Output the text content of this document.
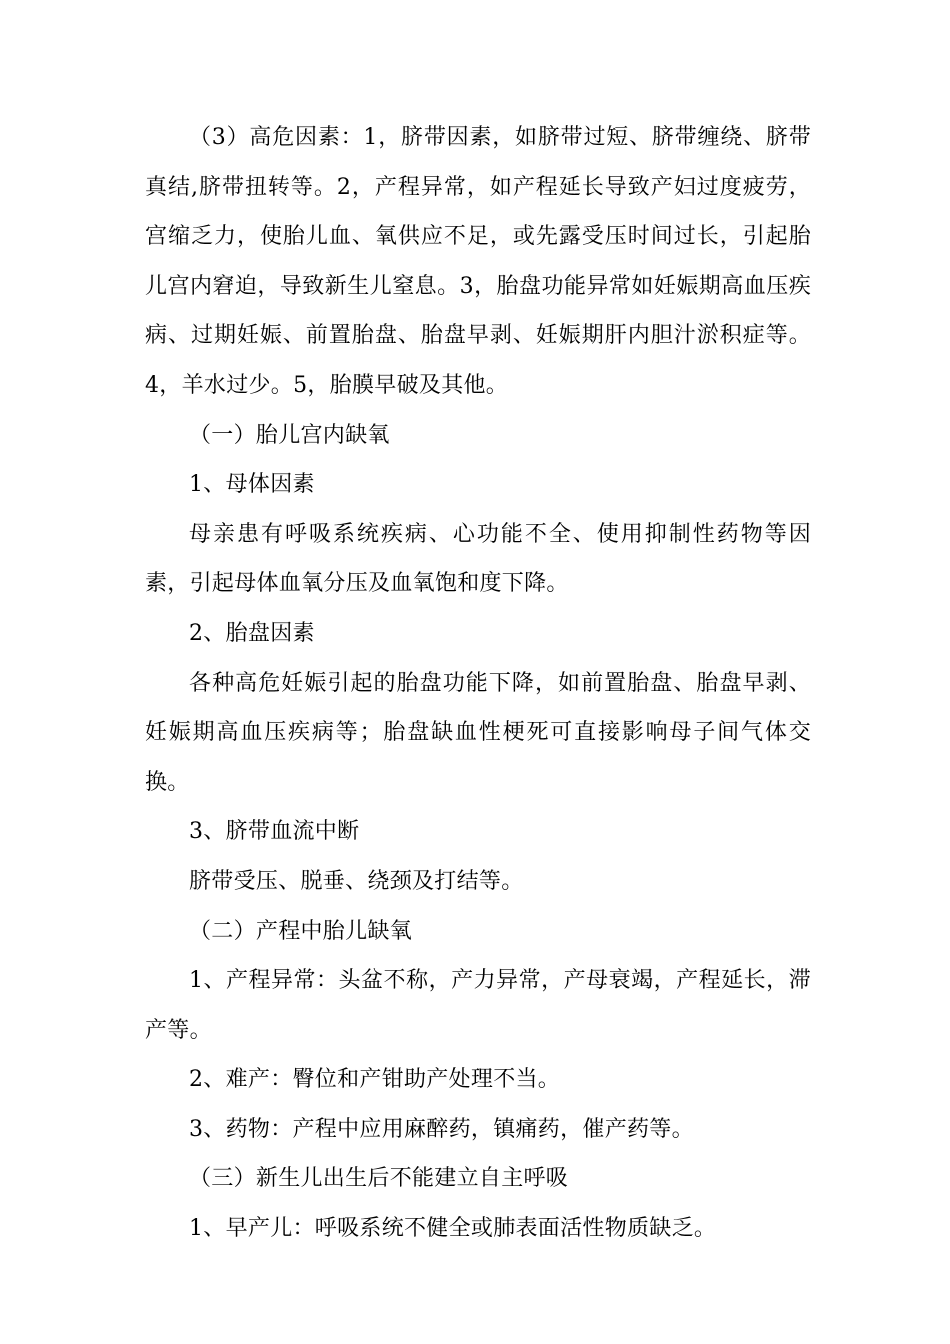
（3）高危因素：1，脐带因素，如脐带过短、脐带缠绕、脐带真结,脐带扭转等。2，产程异常，如产程延长导致产妇过度疲劳，宫缩乏力，使胎儿血、氧供应不足，或先露受压时间过长，引起胎儿宫内窘迫，导致新生儿窒息。3，胎盘功能异常如妊娠期高血压疾病、过期妊娠、前置胎盘、胎盘早剥、妊娠期肝内胆汁淤积症等。4，羊水过少。5，胎膜早破及其他。

（一）胎儿宫内缺氧

1、母体因素

母亲患有呼吸系统疾病、心功能不全、使用抑制性药物等因素，引起母体血氧分压及血氧饱和度下降。

2、胎盘因素

各种高危妊娠引起的胎盘功能下降，如前置胎盘、胎盘早剥、妊娠期高血压疾病等；胎盘缺血性梗死可直接影响母子间气体交换。

3、脐带血流中断

脐带受压、脱垂、绕颈及打结等。

（二）产程中胎儿缺氧

1、产程异常：头盆不称，产力异常，产母衰竭，产程延长，滞产等。

2、难产：臀位和产钳助产处理不当。

3、药物：产程中应用麻醉药，镇痛药，催产药等。

（三）新生儿出生后不能建立自主呼吸

1、早产儿：呼吸系统不健全或肺表面活性物质缺乏。
